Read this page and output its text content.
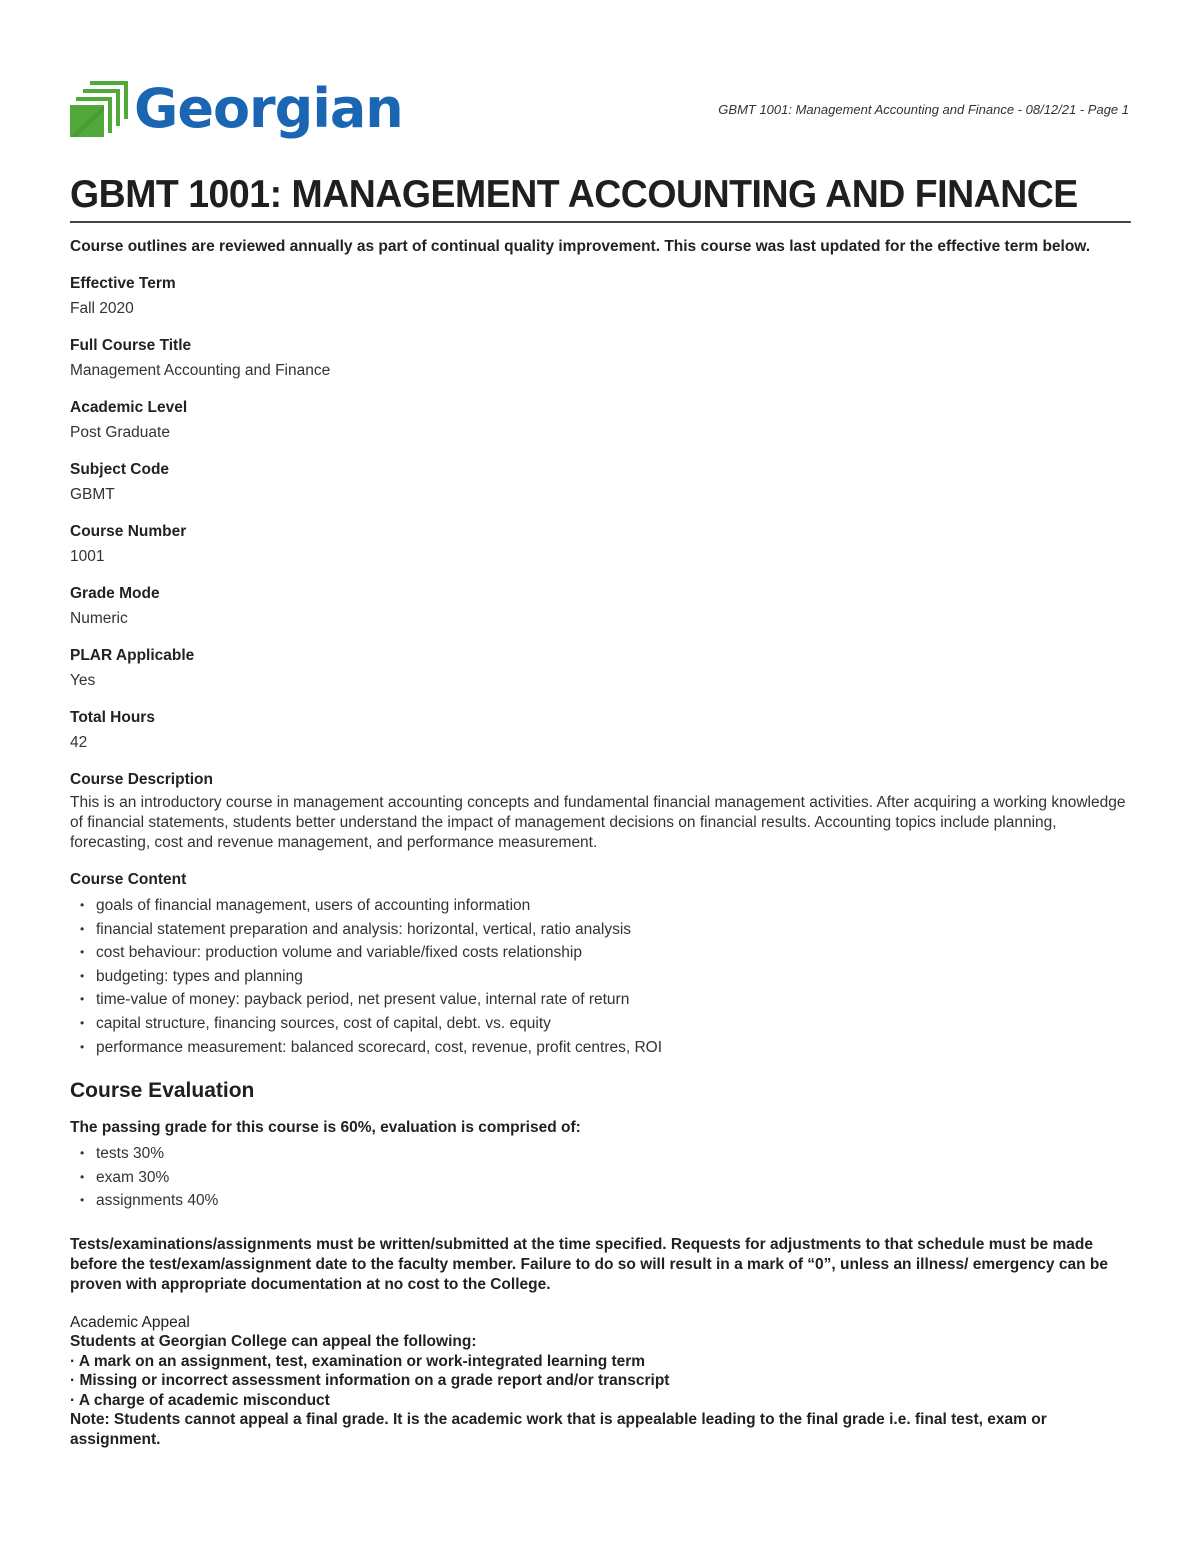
Georgian	GBMT 1001: Management Accounting and Finance - 08/12/21 - Page 1
GBMT 1001: MANAGEMENT ACCOUNTING AND FINANCE
Course outlines are reviewed annually as part of continual quality improvement. This course was last updated for the effective term below.
Effective Term
Fall 2020
Full Course Title
Management Accounting and Finance
Academic Level
Post Graduate
Subject Code
GBMT
Course Number
1001
Grade Mode
Numeric
PLAR Applicable
Yes
Total Hours
42
Course Description
This is an introductory course in management accounting concepts and fundamental financial management activities. After acquiring a working knowledge of financial statements, students better understand the impact of management decisions on financial results. Accounting topics include planning, forecasting, cost and revenue management, and performance measurement.
Course Content
• goals of financial management, users of accounting information
• financial statement preparation and analysis: horizontal, vertical, ratio analysis
• cost behaviour: production volume and variable/fixed costs relationship
• budgeting: types and planning
• time-value of money: payback period, net present value, internal rate of return
• capital structure, financing sources, cost of capital, debt. vs. equity
• performance measurement: balanced scorecard, cost, revenue, profit centres, ROI
Course Evaluation
The passing grade for this course is 60%, evaluation is comprised of:
• tests 30%
• exam 30%
• assignments 40%
Tests/examinations/assignments must be written/submitted at the time specified. Requests for adjustments to that schedule must be made before the test/exam/assignment date to the faculty member. Failure to do so will result in a mark of “0”, unless an illness/ emergency can be proven with appropriate documentation at no cost to the College.
Academic Appeal
Students at Georgian College can appeal the following:
· A mark on an assignment, test, examination or work-integrated learning term
· Missing or incorrect assessment information on a grade report and/or transcript
· A charge of academic misconduct
Note: Students cannot appeal a final grade. It is the academic work that is appealable leading to the final grade i.e. final test, exam or assignment.
